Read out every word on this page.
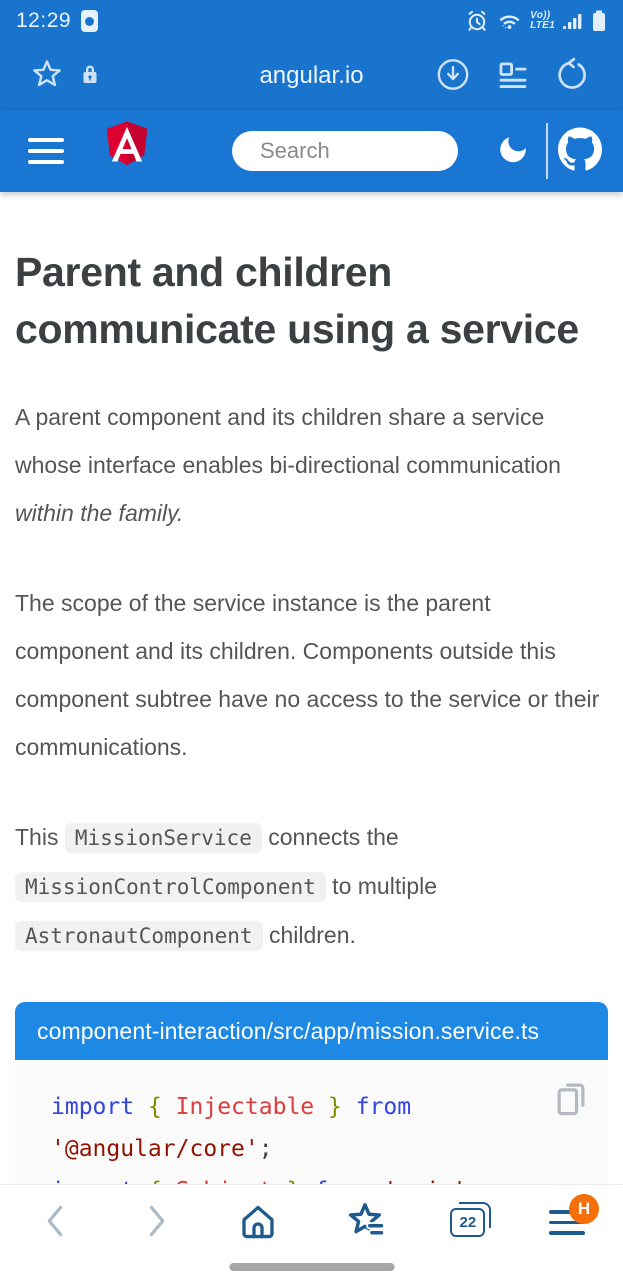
12:29	Vo))
LTE1
angular.io
Search
Parent and children communicate using a service

A parent component and its children share a service whose interface enables bi-directional communication within the family.

The scope of the service instance is the parent component and its children. Components outside this component subtree have no access to the service or their communications.

This MissionService connects the MissionControlComponent to multiple AstronautComponent children.

component-interaction/src/app/mission.service.ts
import { Injectable } from '@angular/core';

22
H
